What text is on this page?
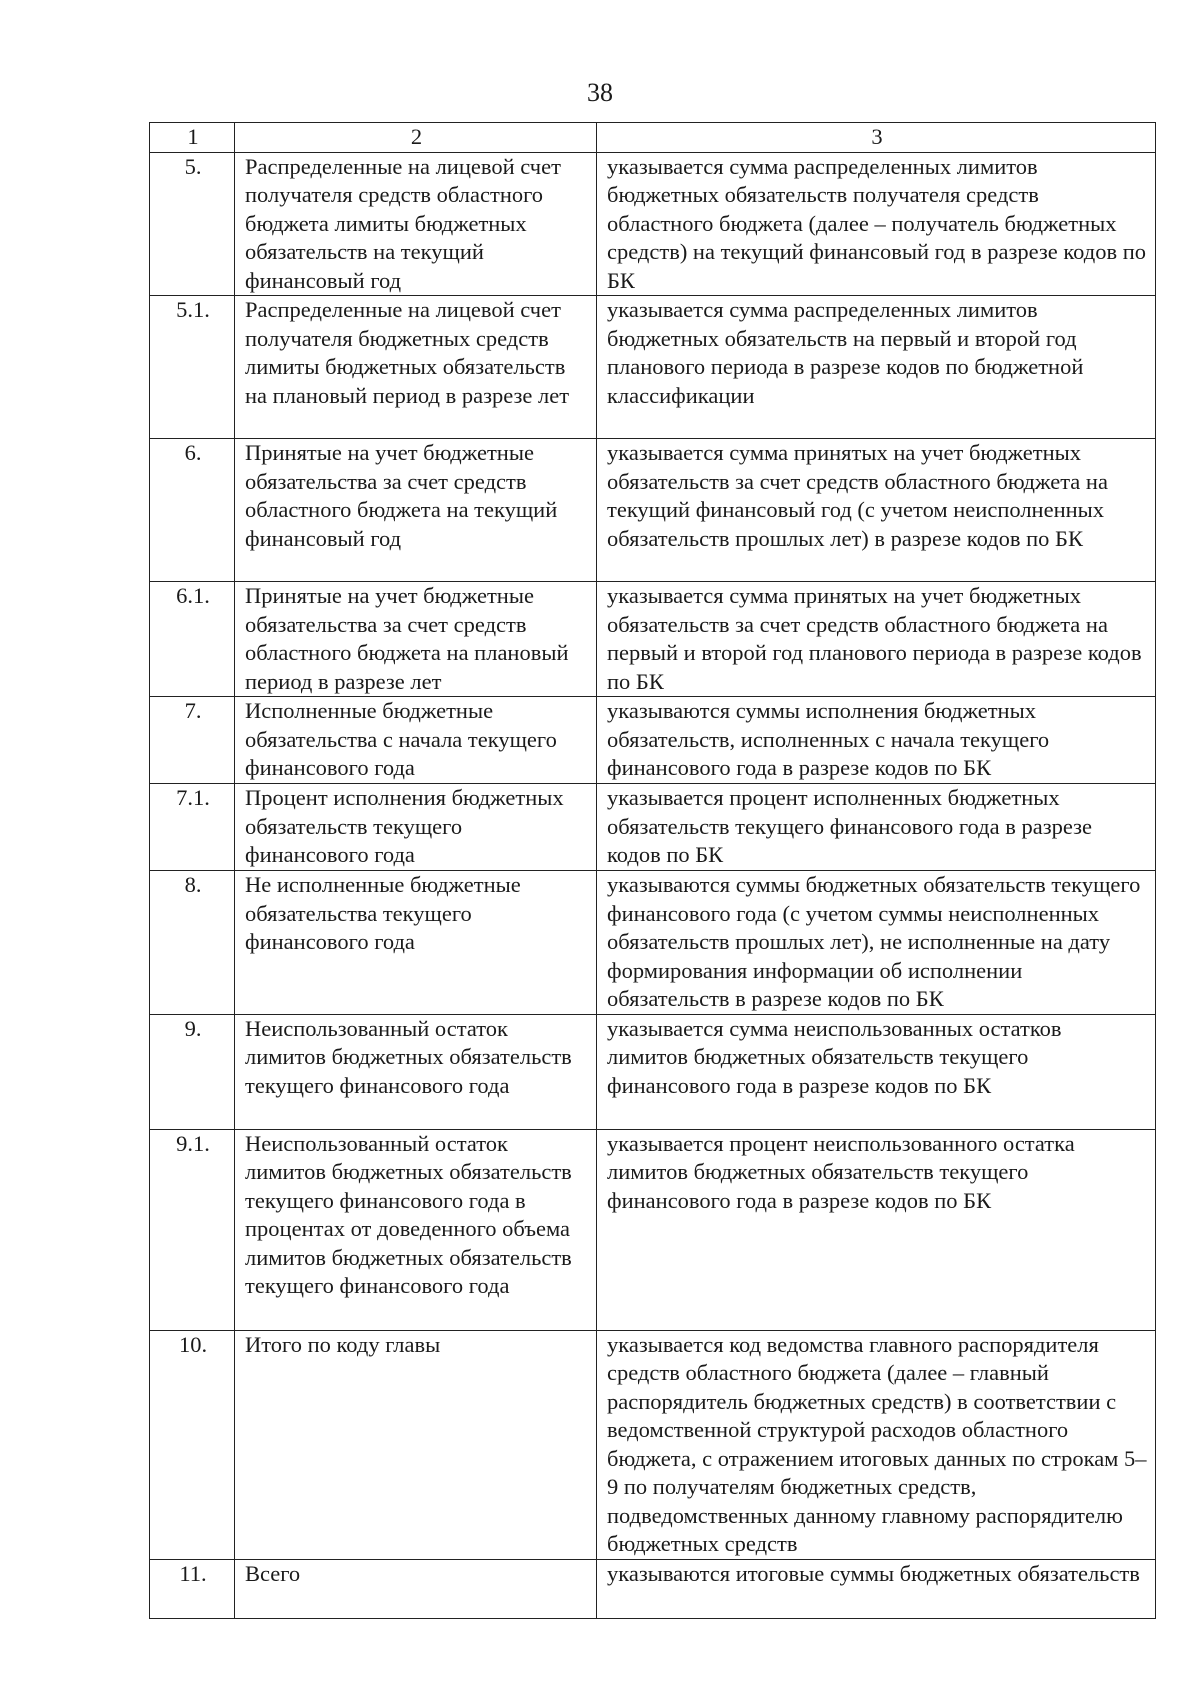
38
1	2	3
5.	Распределенные на лицевой счет получателя средств областного бюджета лимиты бюджетных обязательств на текущий финансовый год	указывается сумма распределенных лимитов бюджетных обязательств получателя средств областного бюджета (далее – получатель бюджетных средств) на текущий финансовый год в разрезе кодов по БК
5.1.	Распределенные на лицевой счет получателя бюджетных средств лимиты бюджетных обязательств на плановый период в разрезе лет	указывается сумма распределенных лимитов бюджетных обязательств на первый и второй год планового периода в разрезе кодов по бюджетной классификации
6.	Принятые на учет бюджетные обязательства за счет средств областного бюджета на текущий финансовый год	указывается сумма принятых на учет бюджетных обязательств за счет средств областного бюджета на текущий финансовый год (с учетом неисполненных обязательств прошлых лет) в разрезе кодов по БК
6.1.	Принятые на учет бюджетные обязательства за счет средств областного бюджета на плановый период в разрезе лет	указывается сумма принятых на учет бюджетных обязательств за счет средств областного бюджета на первый и второй год планового периода в разрезе кодов по БК
7.	Исполненные бюджетные обязательства с начала текущего финансового года	указываются суммы исполнения бюджетных обязательств, исполненных с начала текущего финансового года в разрезе кодов по БК
7.1.	Процент исполнения бюджетных обязательств текущего финансового года	указывается процент исполненных бюджетных обязательств текущего финансового года в разрезе кодов по БК
8.	Не исполненные бюджетные обязательства текущего финансового года	указываются суммы бюджетных обязательств текущего финансового года (с учетом суммы неисполненных обязательств прошлых лет), не исполненные на дату формирования информации об исполнении обязательств в разрезе кодов по БК
9.	Неиспользованный остаток лимитов бюджетных обязательств текущего финансового года	указывается сумма неиспользованных остатков лимитов бюджетных обязательств текущего финансового года в разрезе кодов по БК
9.1.	Неиспользованный остаток лимитов бюджетных обязательств текущего финансового года в процентах от доведенного объема лимитов бюджетных обязательств текущего финансового года	указывается процент неиспользованного остатка лимитов бюджетных обязательств текущего финансового года в разрезе кодов по БК
10.	Итого по коду главы	указывается код ведомства главного распорядителя средств областного бюджета (далее – главный распорядитель бюджетных средств) в соответствии с ведомственной структурой расходов областного бюджета, с отражением итоговых данных по строкам 5–9 по получателям бюджетных средств, подведомственных данному главному распорядителю бюджетных средств
11.	Всего	указываются итоговые суммы бюджетных обязательств
